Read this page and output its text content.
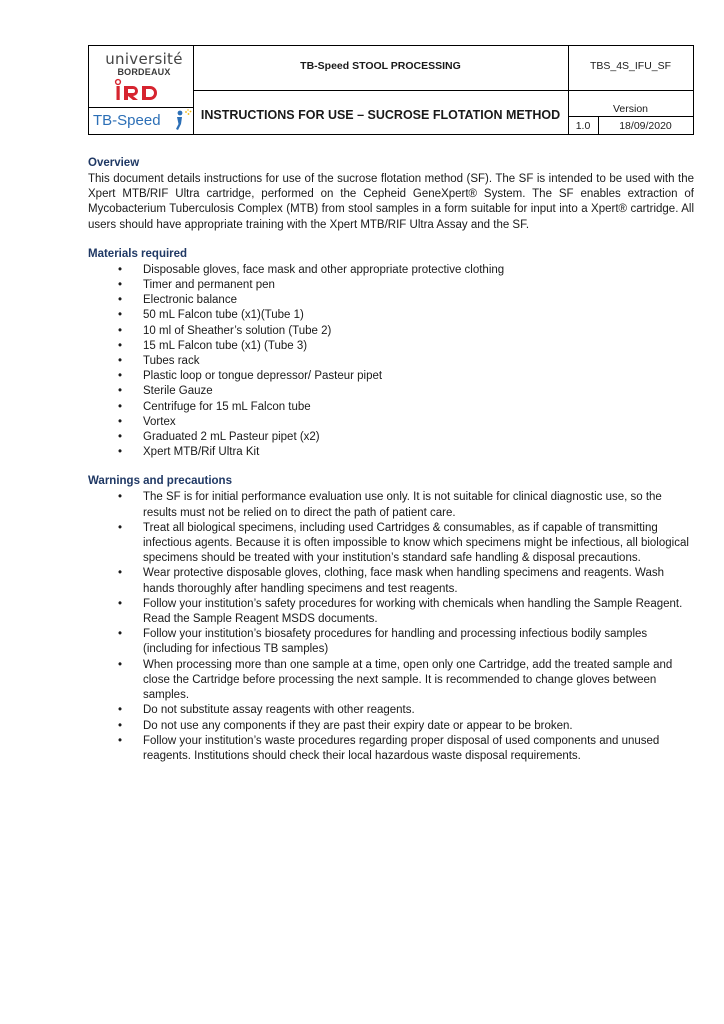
université
BORDEAUX
TB-Speed
TB-Speed STOOL PROCESSING
INSTRUCTIONS FOR USE – SUCROSE FLOTATION METHOD
TBS_4S_IFU_SF
Version
1.0	18/09/2020
Overview

This document details instructions for use of the sucrose flotation method (SF). The SF is intended to be used with the Xpert MTB/RIF Ultra cartridge, performed on the Cepheid GeneXpert® System. The SF enables extraction of Mycobacterium Tuberculosis Complex (MTB) from stool samples in a form suitable for input into a Xpert® cartridge. All users should have appropriate training with the Xpert MTB/RIF Ultra Assay and the SF.

Materials required
• Disposable gloves, face mask and other appropriate protective clothing
• Timer and permanent pen
• Electronic balance
• 50 mL Falcon tube (x1)(Tube 1)
• 10 ml of Sheather’s solution (Tube 2)
• 15 mL Falcon tube (x1) (Tube 3)
• Tubes rack
• Plastic loop or tongue depressor/ Pasteur pipet
• Sterile Gauze
• Centrifuge for 15 mL Falcon tube
• Vortex
• Graduated 2 mL Pasteur pipet (x2)
• Xpert MTB/Rif Ultra Kit
Warnings and precautions
• The SF is for initial performance evaluation use only. It is not suitable for clinical diagnostic use, so the results must not be relied on to direct the path of patient care.
• Treat all biological specimens, including used Cartridges & consumables, as if capable of transmitting infectious agents. Because it is often impossible to know which specimens might be infectious, all biological specimens should be treated with your institution’s standard safe handling & disposal precautions.
• Wear protective disposable gloves, clothing, face mask when handling specimens and reagents. Wash hands thoroughly after handling specimens and test reagents.
• Follow your institution’s safety procedures for working with chemicals when handling the Sample Reagent. Read the Sample Reagent MSDS documents.
• Follow your institution’s biosafety procedures for handling and processing infectious bodily samples (including for infectious TB samples)
• When processing more than one sample at a time, open only one Cartridge, add the treated sample and close the Cartridge before processing the next sample. It is recommended to change gloves between samples.
• Do not substitute assay reagents with other reagents.
• Do not use any components if they are past their expiry date or appear to be broken.
• Follow your institution’s waste procedures regarding proper disposal of used components and unused reagents. Institutions should check their local hazardous waste disposal requirements.
